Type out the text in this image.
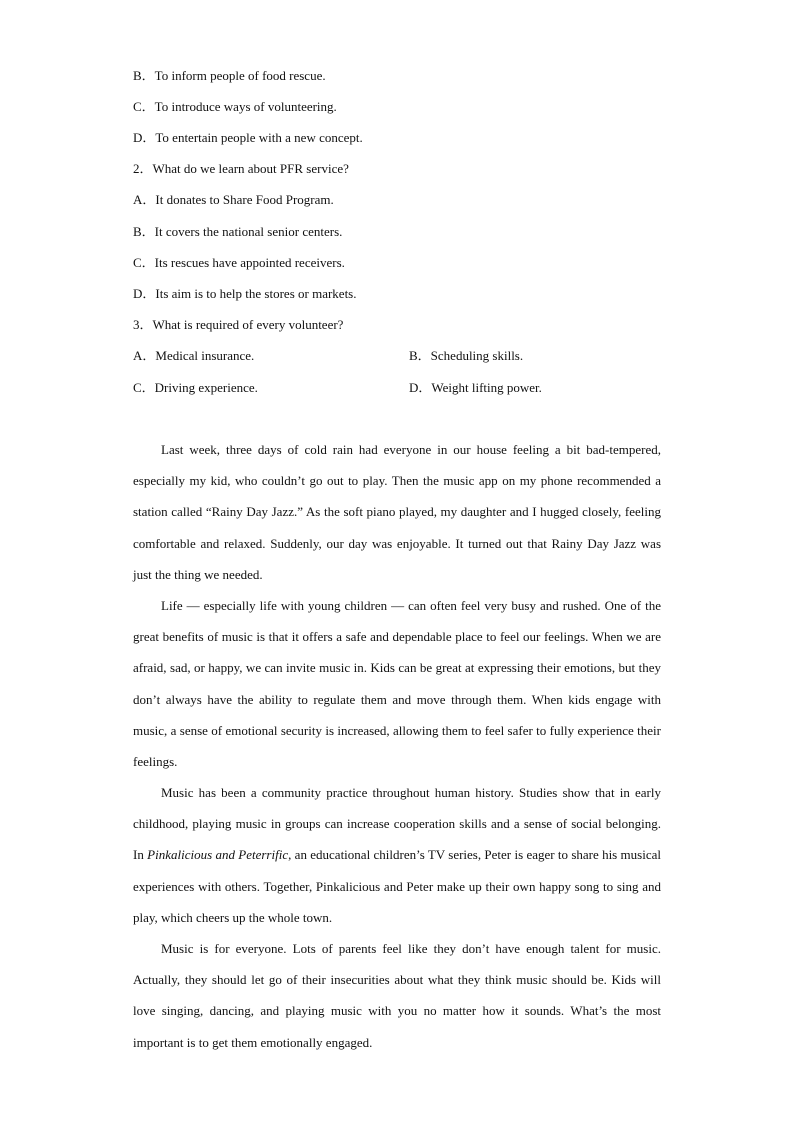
B．To inform people of food rescue.
C．To introduce ways of volunteering.
D．To entertain people with a new concept.
2．What do we learn about PFR service?
A．It donates to Share Food Program.
B．It covers the national senior centers.
C．Its rescues have appointed receivers.
D．Its aim is to help the stores or markets.
3．What is required of every volunteer?
A．Medical insurance.	B．Scheduling skills.
C．Driving experience.	D．Weight lifting power.

Last week, three days of cold rain had everyone in our house feeling a bit bad-tempered, especially my kid, who couldn’t go out to play. Then the music app on my phone recommended a station called “Rainy Day Jazz.” As the soft piano played, my daughter and I hugged closely, feeling comfortable and relaxed. Suddenly, our day was enjoyable. It turned out that Rainy Day Jazz was just the thing we needed.

Life — especially life with young children — can often feel very busy and rushed. One of the great benefits of music is that it offers a safe and dependable place to feel our feelings. When we are afraid, sad, or happy, we can invite music in. Kids can be great at expressing their emotions, but they don’t always have the ability to regulate them and move through them. When kids engage with music, a sense of emotional security is increased, allowing them to feel safer to fully experience their feelings.

Music has been a community practice throughout human history. Studies show that in early childhood, playing music in groups can increase cooperation skills and a sense of social belonging. In Pinkalicious and Peterrific, an educational children’s TV series, Peter is eager to share his musical experiences with others. Together, Pinkalicious and Peter make up their own happy song to sing and play, which cheers up the whole town.

Music is for everyone. Lots of parents feel like they don’t have enough talent for music. Actually, they should let go of their insecurities about what they think music should be. Kids will love singing, dancing, and playing music with you no matter how it sounds. What’s the most important is to get them emotionally engaged.
